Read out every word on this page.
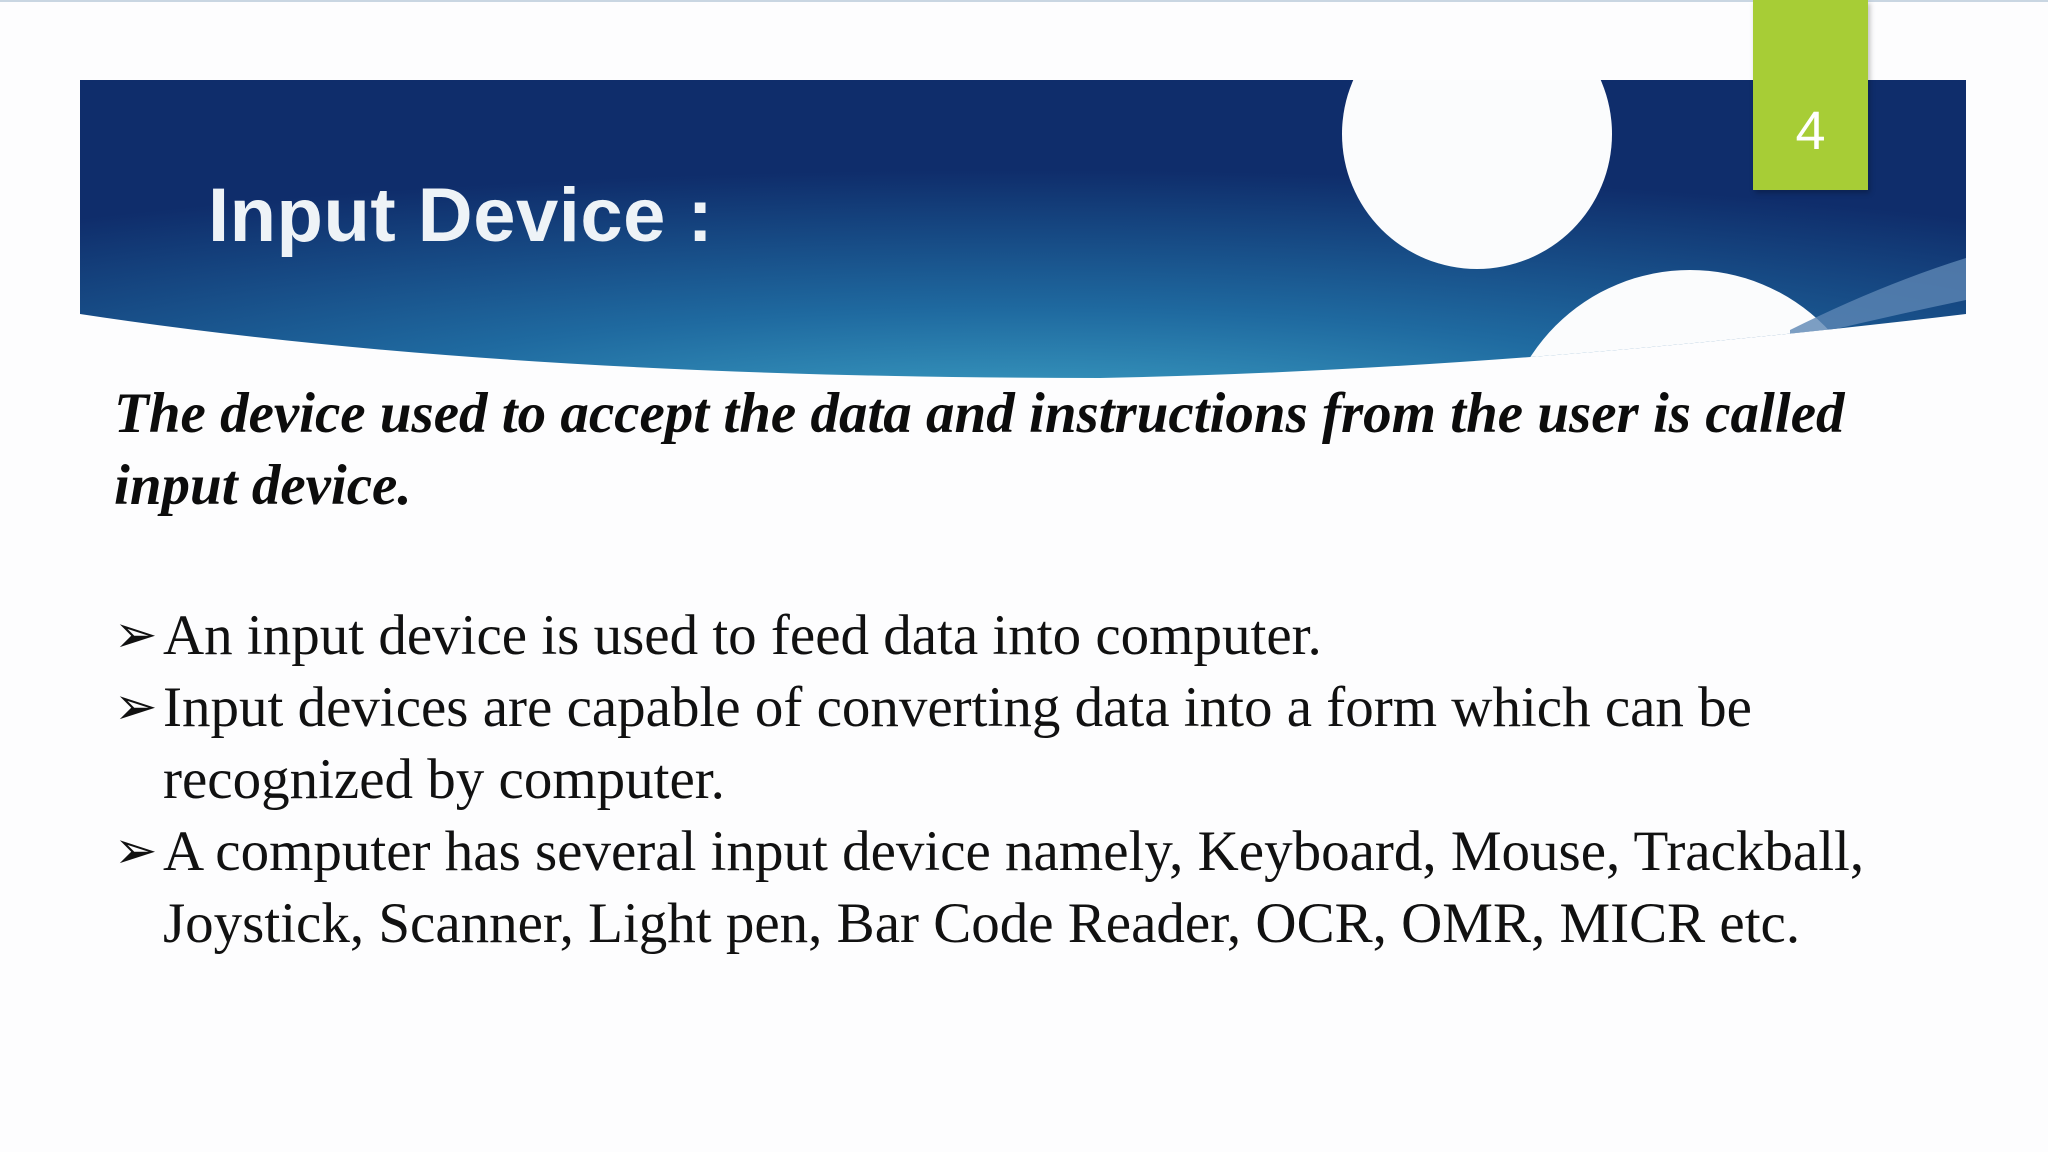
Input Device :
4

The device used to accept the data and instructions from the user is called input device.

➢ An input device is used to feed data into computer.
➢ Input devices are capable of converting data into a form which can be recognized by computer.
➢ A computer has several input device namely, Keyboard, Mouse, Trackball, Joystick, Scanner, Light pen, Bar Code Reader, OCR, OMR, MICR etc.
